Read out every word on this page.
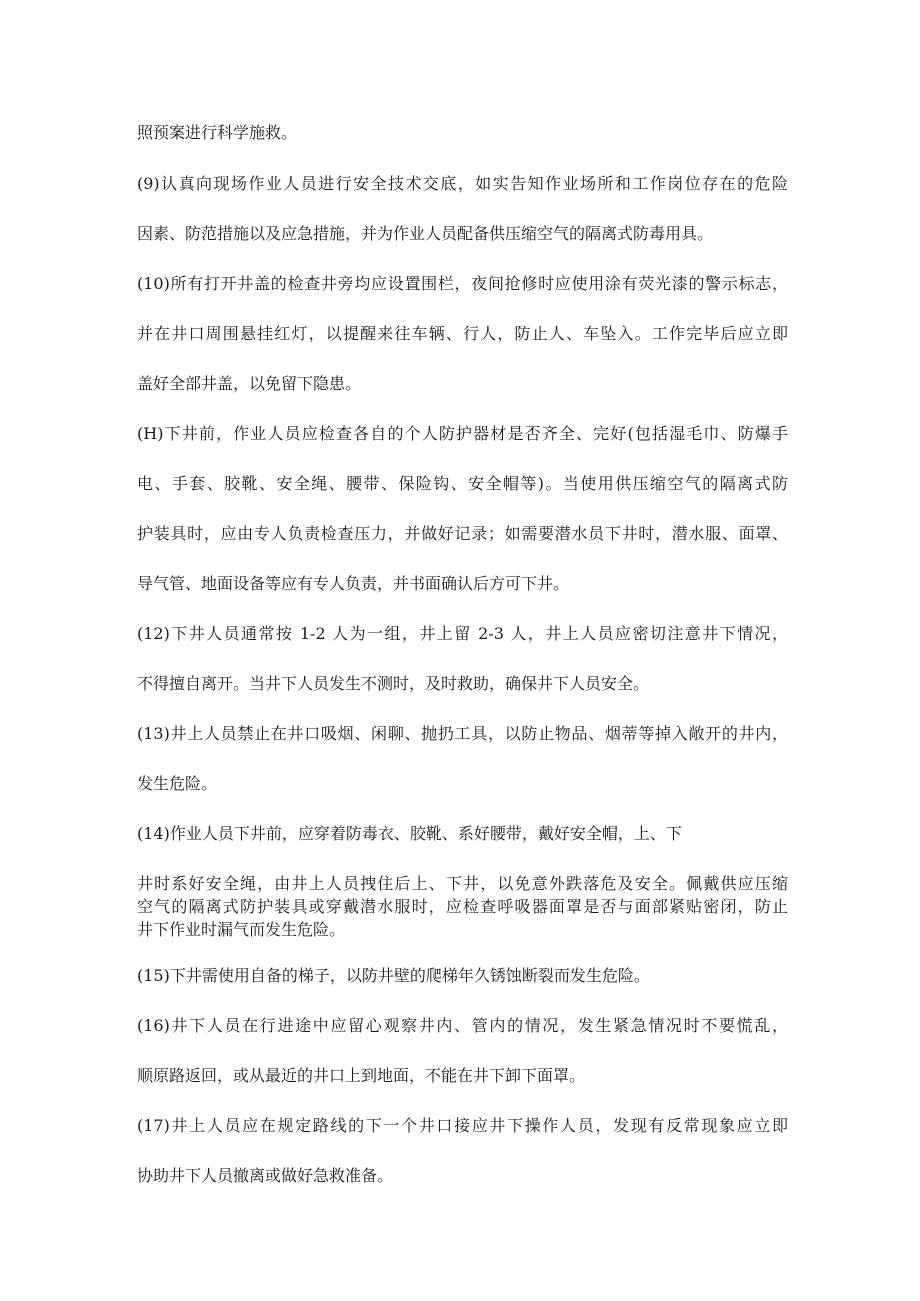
照预案进行科学施救。
(9)认真向现场作业人员进行安全技术交底，如实告知作业场所和工作岗位存在的危险
因素、防范措施以及应急措施，并为作业人员配备供压缩空气的隔离式防毒用具。
(10)所有打开井盖的检查井旁均应设置围栏，夜间抢修时应使用涂有荧光漆的警示标志，
并在井口周围悬挂红灯，以提醒来往车辆、行人，防止人、车坠入。工作完毕后应立即
盖好全部井盖，以免留下隐患。
(H)下井前，作业人员应检查各自的个人防护器材是否齐全、完好(包括湿毛巾、防爆手
电、手套、胶靴、安全绳、腰带、保险钩、安全帽等)。当使用供压缩空气的隔离式防
护装具时，应由专人负责检查压力，并做好记录；如需要潜水员下井时，潜水服、面罩、
导气管、地面设备等应有专人负责，并书面确认后方可下井。
(12)下井人员通常按 1-2 人为一组，井上留 2-3 人，井上人员应密切注意井下情况，
不得擅自离开。当井下人员发生不测时，及时救助，确保井下人员安全。
(13)井上人员禁止在井口吸烟、闲聊、抛扔工具，以防止物品、烟蒂等掉入敞开的井内，
发生危险。
(14)作业人员下井前，应穿着防毒衣、胶靴、系好腰带，戴好安全帽，上、下
井时系好安全绳，由井上人员拽住后上、下井，以免意外跌落危及安全。佩戴供应压缩
空气的隔离式防护装具或穿戴潜水服时，应检查呼吸器面罩是否与面部紧贴密闭，防止
井下作业时漏气而发生危险。
(15)下井需使用自备的梯子，以防井壁的爬梯年久锈蚀断裂而发生危险。
(16)井下人员在行进途中应留心观察井内、管内的情况，发生紧急情况时不要慌乱，
顺原路返回，或从最近的井口上到地面，不能在井下卸下面罩。
(17)井上人员应在规定路线的下一个井口接应井下操作人员，发现有反常现象应立即
协助井下人员撤离或做好急救准备。
